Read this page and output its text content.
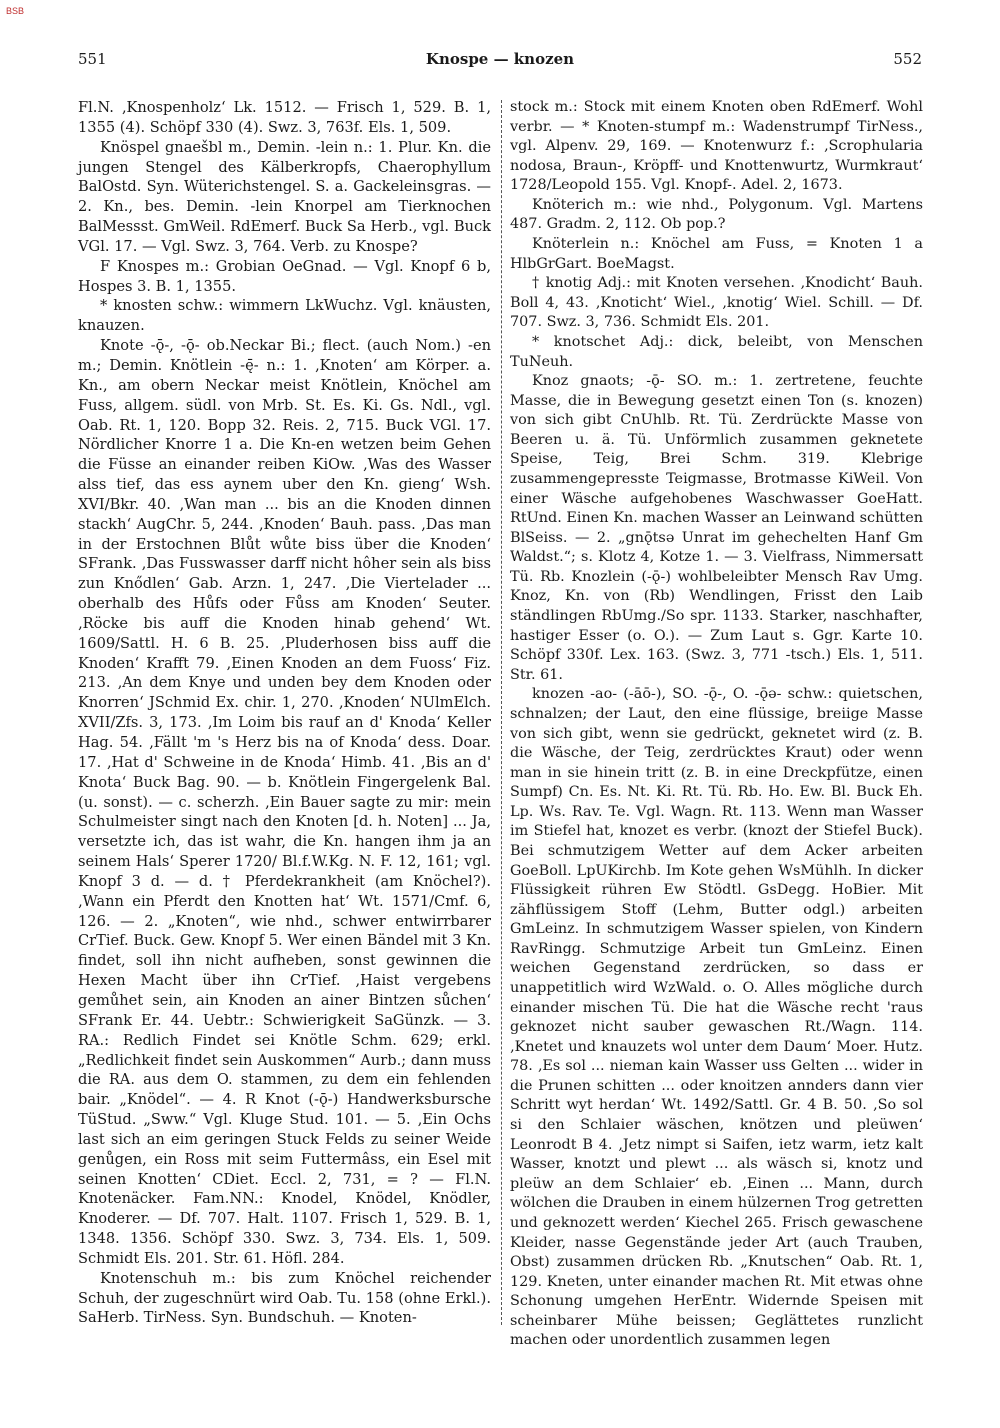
BSB
551	Knospe — knozen	552

Fl.N. ‚Knospenholz‘ Lk. 1512. — Frisch 1, 529. B. 1, 1355 (4). Schöpf 330 (4). Swz. 3, 763f. Els. 1, 509.

Knöspel gnaešbl m., Demin. -lein n.: 1. Plur. Kn. die jungen Stengel des Kälberkropfs, Chaerophyllum BalOstd. Syn. Wüterichstengel. S. a. Gackeleinsgras. — 2. Kn., bes. Demin. -lein Knorpel am Tierknochen BalMessst. GmWeil. RdEmerf. Buck Sa Herb., vgl. Buck VGl. 17. — Vgl. Swz. 3, 764. Verb. zu Knospe?

F Knospes m.: Grobian OeGnad. — Vgl. Knopf 6 b, Hospes 3. B. 1, 1355.

* knosten schw.: wimmern LkWuchz. Vgl. knäusten, knauzen.

Knote -ǭ-, -ǭ- ob.Neckar Bi.; flect. (auch Nom.) -en m.; Demin. Knötlein -ę̄- n.: 1. ‚Knoten‘ am Körper. a. Kn., am obern Neckar meist Knötlein, Knöchel am Fuss, allgem. südl. von Mrb. St. Es. Ki. Gs. Ndl., vgl. Oab. Rt. 1, 120. Bopp 32. Reis. 2, 715. Buck VGl. 17. Nördlicher Knorre 1 a. Die Kn-en wetzen beim Gehen die Füsse an einander reiben KiOw. ‚Was des Wasser alss tief, das ess aynem uber den Kn. gieng‘ Wsh. XVI/Bkr. 40. ‚Wan man ... bis an die Knoden dinnen stackh‘ AugChr. 5, 244. ‚Knoden‘ Bauh. pass. ‚Das man in der Erstochnen Blůt wůte biss über die Knoden‘ SFrank. ‚Das Fusswasser darff nicht hôher sein als biss zun Knődlen‘ Gab. Arzn. 1, 247. ‚Die Viertelader ... oberhalb des Hůfs oder Fůss am Knoden‘ Seuter. ‚Röcke bis auff die Knoden hinab gehend‘ Wt. 1609/Sattl. H. 6 B. 25. ‚Pluderhosen biss auff die Knoden‘ Krafft 79. ‚Einen Knoden an dem Fuoss‘ Fiz. 213. ‚An dem Knye und unden bey dem Knoden oder Knorren‘ JSchmid Ex. chir. 1, 270. ‚Knoden‘ NUlmElch. XVII/Zfs. 3, 173. ‚Im Loim bis rauf an d' Knoda‘ Keller Hag. 54. ‚Fällt 'm 's Herz bis na of Knoda‘ dess. Doar. 17. ‚Hat d' Schweine in de Knoda‘ Himb. 41. ‚Bis an d' Knota‘ Buck Bag. 90. — b. Knötlein Fingergelenk Bal. (u. sonst). — c. scherzh. ‚Ein Bauer sagte zu mir: mein Schulmeister singt nach den Knoten [d. h. Noten] ... Ja, versetzte ich, das ist wahr, die Kn. hangen ihm ja an seinem Hals‘ Sperer 1720/ Bl.f.W.Kg. N. F. 12, 161; vgl. Knopf 3 d. — d. † Pferdekrankheit (am Knöchel?). ‚Wann ein Pferdt den Knotten hat‘ Wt. 1571/Cmf. 6, 126. — 2. „Knoten“, wie nhd., schwer entwirrbarer CrTief. Buck. Gew. Knopf 5. Wer einen Bändel mit 3 Kn. findet, soll ihn nicht aufheben, sonst gewinnen die Hexen Macht über ihn CrTief. ‚Haist vergebens gemůhet sein, ain Knoden an ainer Bintzen sůchen‘ SFrank Er. 44. Uebtr.: Schwierigkeit SaGünzk. — 3. RA.: Redlich Findet sei Knötle Schm. 629; erkl. „Redlichkeit findet sein Auskommen“ Aurb.; dann muss die RA. aus dem O. stammen, zu dem ein fehlenden bair. „Knödel“. — 4. R Knot (-ǭ-) Handwerksbursche TüStud. „Sww.“ Vgl. Kluge Stud. 101. — 5. ‚Ein Ochs last sich an eim geringen Stuck Felds zu seiner Weide genůgen, ein Ross mit seim Futtermâss, ein Esel mit seinen Knotten‘ CDiet. Eccl. 2, 731, = ? — Fl.N. Knotenäcker. Fam.NN.: Knodel, Knödel, Knödler, Knoderer. — Df. 707. Halt. 1107. Frisch 1, 529. B. 1, 1348. 1356. Schöpf 330. Swz. 3, 734. Els. 1, 509. Schmidt Els. 201. Str. 61. Höfl. 284.

Knotenschuh m.: bis zum Knöchel reichender Schuh, der zugeschnürt wird Oab. Tu. 158 (ohne Erkl.). SaHerb. TirNess. Syn. Bundschuh. — Knoten-

stock m.: Stock mit einem Knoten oben RdEmerf. Wohl verbr. — * Knoten-stumpf m.: Wadenstrumpf TirNess., vgl. Alpenv. 29, 169. — Knotenwurz f.: ‚Scrophularia nodosa, Braun-, Kröpff- und Knottenwurtz, Wurmkraut‘ 1728/Leopold 155. Vgl. Knopf-. Adel. 2, 1673.

Knöterich m.: wie nhd., Polygonum. Vgl. Martens 487. Gradm. 2, 112. Ob pop.?

Knöterlein n.: Knöchel am Fuss, = Knoten 1 a HlbGrGart. BoeMagst.

† knotig Adj.: mit Knoten versehen. ‚Knodicht‘ Bauh. Boll 4, 43. ‚Knoticht‘ Wiel., ‚knotig‘ Wiel. Schill. — Df. 707. Swz. 3, 736. Schmidt Els. 201.

* knotschet Adj.: dick, beleibt, von Menschen TuNeuh.

Knoz gnaots; -ǭ- SO. m.: 1. zertretene, feuchte Masse, die in Bewegung gesetzt einen Ton (s. knozen) von sich gibt CnUhlb. Rt. Tü. Zerdrückte Masse von Beeren u. ä. Tü. Unförmlich zusammen geknetete Speise, Teig, Brei Schm. 319. Klebrige zusammengepresste Teigmasse, Brotmasse KiWeil. Von einer Wäsche aufgehobenes Waschwasser GoeHatt. RtUnd. Einen Kn. machen Wasser an Leinwand schütten BlSeiss. — 2. „gnǭtsə Unrat im gehechelten Hanf Gm Waldst.“; s. Klotz 4, Kotze 1. — 3. Vielfrass, Nimmersatt Tü. Rb. Knozlein (-ǭ-) wohlbeleibter Mensch Rav Umg. Knoz, Kn. von (Rb) Wendlingen, Frisst den Laib ständlingen RbUmg./So spr. 1133. Starker, naschhafter, hastiger Esser (o. O.). — Zum Laut s. Ggr. Karte 10. Schöpf 330f. Lex. 163. (Swz. 3, 771 -tsch.) Els. 1, 511. Str. 61.

knozen -ao- (-āō-), SO. -ǭ-, O. -ǭə- schw.: quietschen, schnalzen; der Laut, den eine flüssige, breiige Masse von sich gibt, wenn sie gedrückt, geknetet wird (z. B. die Wäsche, der Teig, zerdrücktes Kraut) oder wenn man in sie hinein tritt (z. B. in eine Dreckpfütze, einen Sumpf) Cn. Es. Nt. Ki. Rt. Tü. Rb. Ho. Ew. Bl. Buck Eh. Lp. Ws. Rav. Te. Vgl. Wagn. Rt. 113. Wenn man Wasser im Stiefel hat, knozet es verbr. (knozt der Stiefel Buck). Bei schmutzigem Wetter auf dem Acker arbeiten GoeBoll. LpUKirchb. Im Kote gehen WsMühlh. In dicker Flüssigkeit rühren Ew Stödtl. GsDegg. HoBier. Mit zähflüssigem Stoff (Lehm, Butter odgl.) arbeiten GmLeinz. In schmutzigem Wasser spielen, von Kindern RavRingg. Schmutzige Arbeit tun GmLeinz. Einen weichen Gegenstand zerdrücken, so dass er unappetitlich wird WzWald. o. O. Alles mögliche durch einander mischen Tü. Die hat die Wäsche recht 'raus geknozet nicht sauber gewaschen Rt./Wagn. 114. ‚Knetet und knauzets wol unter dem Daum‘ Moer. Hutz. 78. ‚Es sol ... nieman kain Wasser uss Gelten ... wider in die Prunen schitten ... oder knoitzen annders dann vier Schritt wyt herdan‘ Wt. 1492/Sattl. Gr. 4 B. 50. ‚So sol si den Schlaier wäschen, knötzen und pleüwen‘ Leonrodt B 4. ‚Jetz nimpt si Saifen, ietz warm, ietz kalt Wasser, knotzt und plewt ... als wäsch si, knotz und pleüw an dem Schlaier‘ eb. ‚Einen ... Mann, durch wölchen die Drauben in einem hülzernen Trog getretten und geknozett werden‘ Kiechel 265. Frisch gewaschene Kleider, nasse Gegenstände jeder Art (auch Trauben, Obst) zusammen drücken Rb. „Knutschen“ Oab. Rt. 1, 129. Kneten, unter einander machen Rt. Mit etwas ohne Schonung umgehen HerEntr. Widernde Speisen mit scheinbarer Mühe beissen; Geglättetes runzlicht machen oder unordentlich zusammen legen
